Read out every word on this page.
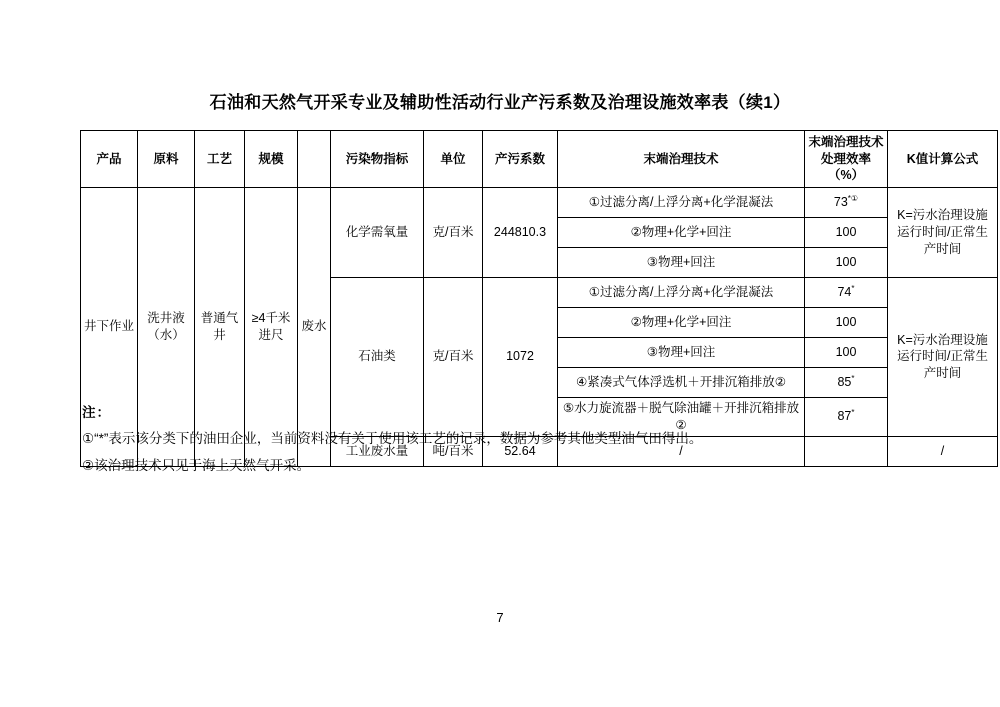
石油和天然气开采专业及辅助性活动行业产污系数及治理设施效率表（续1）
产品	原料	工艺	规模		污染物指标	单位	产污系数	末端治理技术	末端治理技术处理效率（%）	K值计算公式
井下作业	洗井液（水）	普通气井	≥4千米进尺	废水	化学需氧量	克/百米	244810.3	①过滤分离/上浮分离+化学混凝法	73*①	K=污水治理设施运行时间/正常生产时间
								②物理+化学+回注	100	
								③物理+回注	100	
					石油类	克/百米	1072	①过滤分离/上浮分离+化学混凝法	74*	K=污水治理设施运行时间/正常生产时间
								②物理+化学+回注	100	
								③物理+回注	100	
								④紧凑式气体浮选机＋开排沉箱排放②	85*
								⑤水力旋流器＋脱气除油罐＋开排沉箱排放②	87*
					工业废水量	吨/百米	52.64	/		/
注：
①“*”表示该分类下的油田企业，当前资料没有关于使用该工艺的记录，数据为参考其他类型油气田得出。
②该治理技术只见于海上天然气开采。
7
